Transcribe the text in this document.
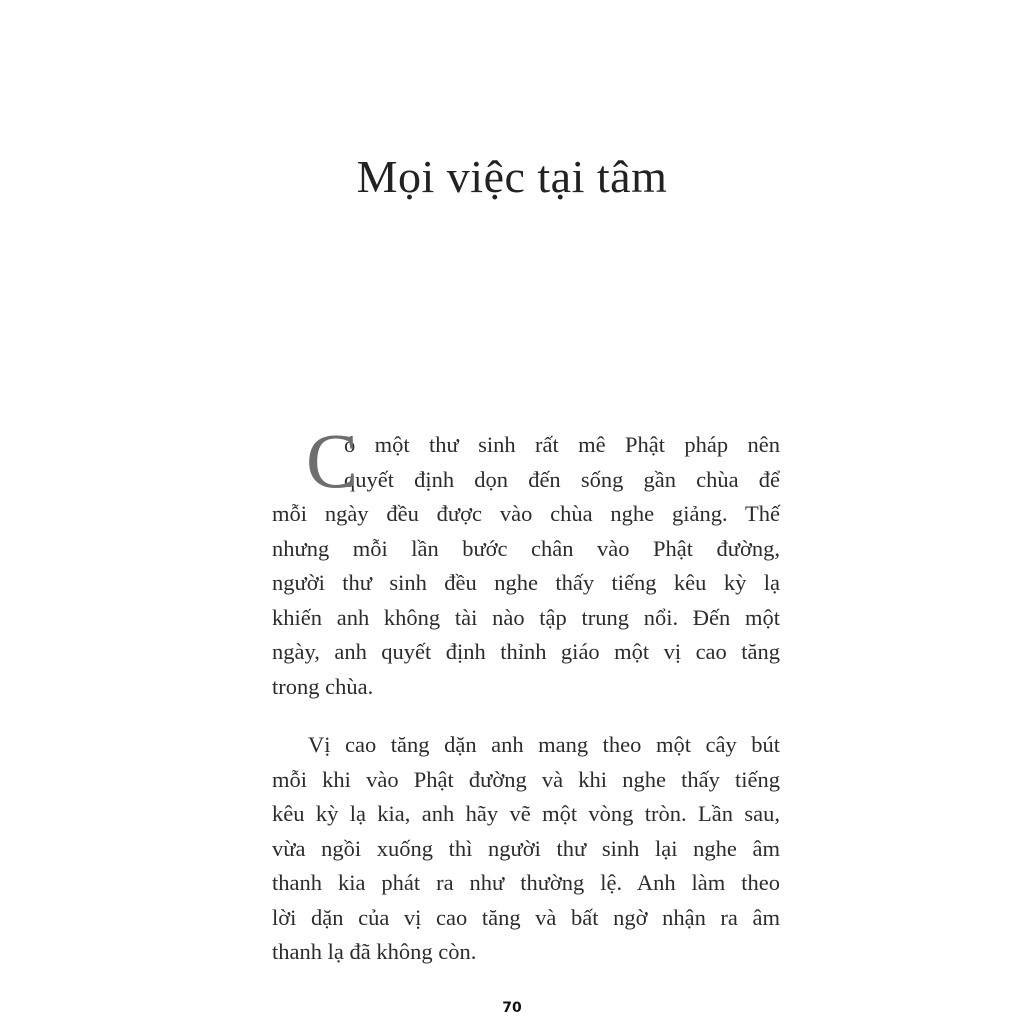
Mọi việc tại tâm
C
ó một thư sinh rất mê Phật pháp nên
quyết định dọn đến sống gần chùa để
mỗi ngày đều được vào chùa nghe giảng. Thế
nhưng mỗi lần bước chân vào Phật đường,
người thư sinh đều nghe thấy tiếng kêu kỳ lạ
khiến anh không tài nào tập trung nổi. Đến một
ngày, anh quyết định thỉnh giáo một vị cao tăng
trong chùa.
Vị cao tăng dặn anh mang theo một cây bút
mỗi khi vào Phật đường và khi nghe thấy tiếng
kêu kỳ lạ kia, anh hãy vẽ một vòng tròn. Lần sau,
vừa ngồi xuống thì người thư sinh lại nghe âm
thanh kia phát ra như thường lệ. Anh làm theo
lời dặn của vị cao tăng và bất ngờ nhận ra âm
thanh lạ đã không còn.
70
